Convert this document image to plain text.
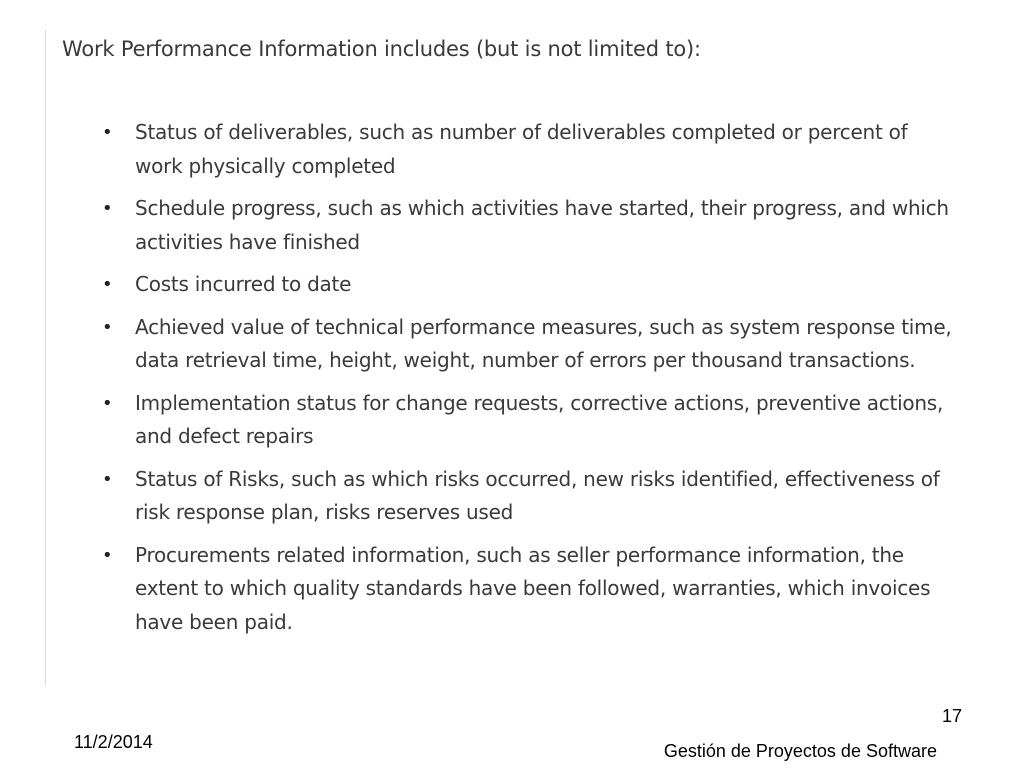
Work Performance Information includes (but is not limited to):
• Status of deliverables, such as number of deliverables completed or percent of work physically completed
• Schedule progress, such as which activities have started, their progress, and which activities have finished
• Costs incurred to date
• Achieved value of technical performance measures, such as system response time, data retrieval time, height, weight, number of errors per thousand transactions.
• Implementation status for change requests, corrective actions, preventive actions, and defect repairs
• Status of Risks, such as which risks occurred, new risks identified, effectiveness of risk response plan, risks reserves used
• Procurements related information, such as seller performance information, the extent to which quality standards have been followed, warranties, which invoices have been paid.
17
11/2/2014	Gestión de Proyectos de Software
